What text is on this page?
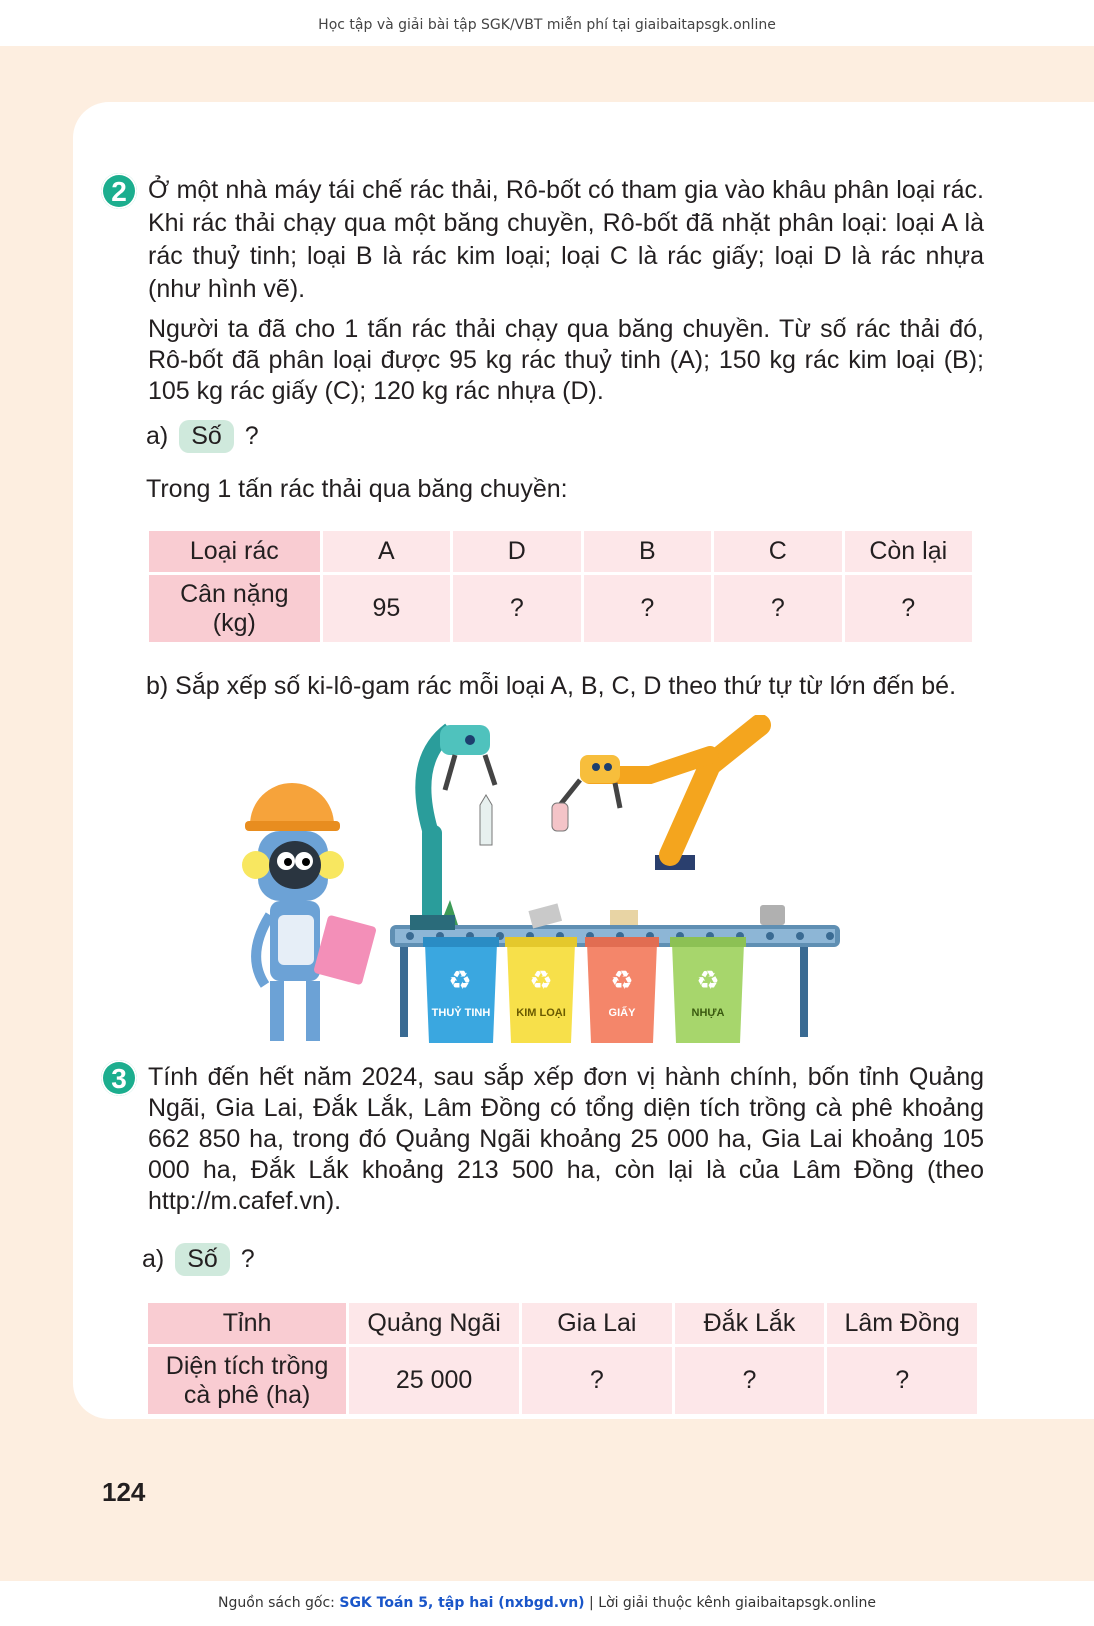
Học tập và giải bài tập SGK/VBT miễn phí tại giaibaitapsgk.online
2 Ở một nhà máy tái chế rác thải, Rô-bốt có tham gia vào khâu phân loại rác. Khi rác thải chạy qua một băng chuyền, Rô-bốt đã nhặt phân loại: loại A là rác thuỷ tinh; loại B là rác kim loại; loại C là rác giấy; loại D là rác nhựa (như hình vẽ).

Người ta đã cho 1 tấn rác thải chạy qua băng chuyền. Từ số rác thải đó, Rô-bốt đã phân loại được 95 kg rác thuỷ tinh (A); 150 kg rác kim loại (B); 105 kg rác giấy (C); 120 kg rác nhựa (D).

a) Số ?
Trong 1 tấn rác thải qua băng chuyền:
Loại rác	A	D	B	C	Còn lại

Cân nặng
(kg)	95	?	?	?	?
b) Sắp xếp số ki-lô-gam rác mỗi loại A, B, C, D theo thứ tự từ lớn đến bé.
♻
THUỶ TINH
♻
KIM LOẠI
♻
GIẤY
♻
NHỰA
3 Tính đến hết năm 2024, sau sắp xếp đơn vị hành chính, bốn tỉnh Quảng Ngãi, Gia Lai, Đắk Lắk, Lâm Đồng có tổng diện tích trồng cà phê khoảng 662 850 ha, trong đó Quảng Ngãi khoảng 25 000 ha, Gia Lai khoảng 105 000 ha, Đắk Lắk khoảng 213 500 ha, còn lại là của Lâm Đồng (theo http://m.cafef.vn).

a) Số ?
Tỉnh	Quảng Ngãi	Gia Lai	Đắk Lắk	Lâm Đồng

Diện tích trồng
cà phê (ha)	25 000	?	?	?
124
Nguồn sách gốc: SGK Toán 5, tập hai (nxbgd.vn) | Lời giải thuộc kênh giaibaitapsgk.online
